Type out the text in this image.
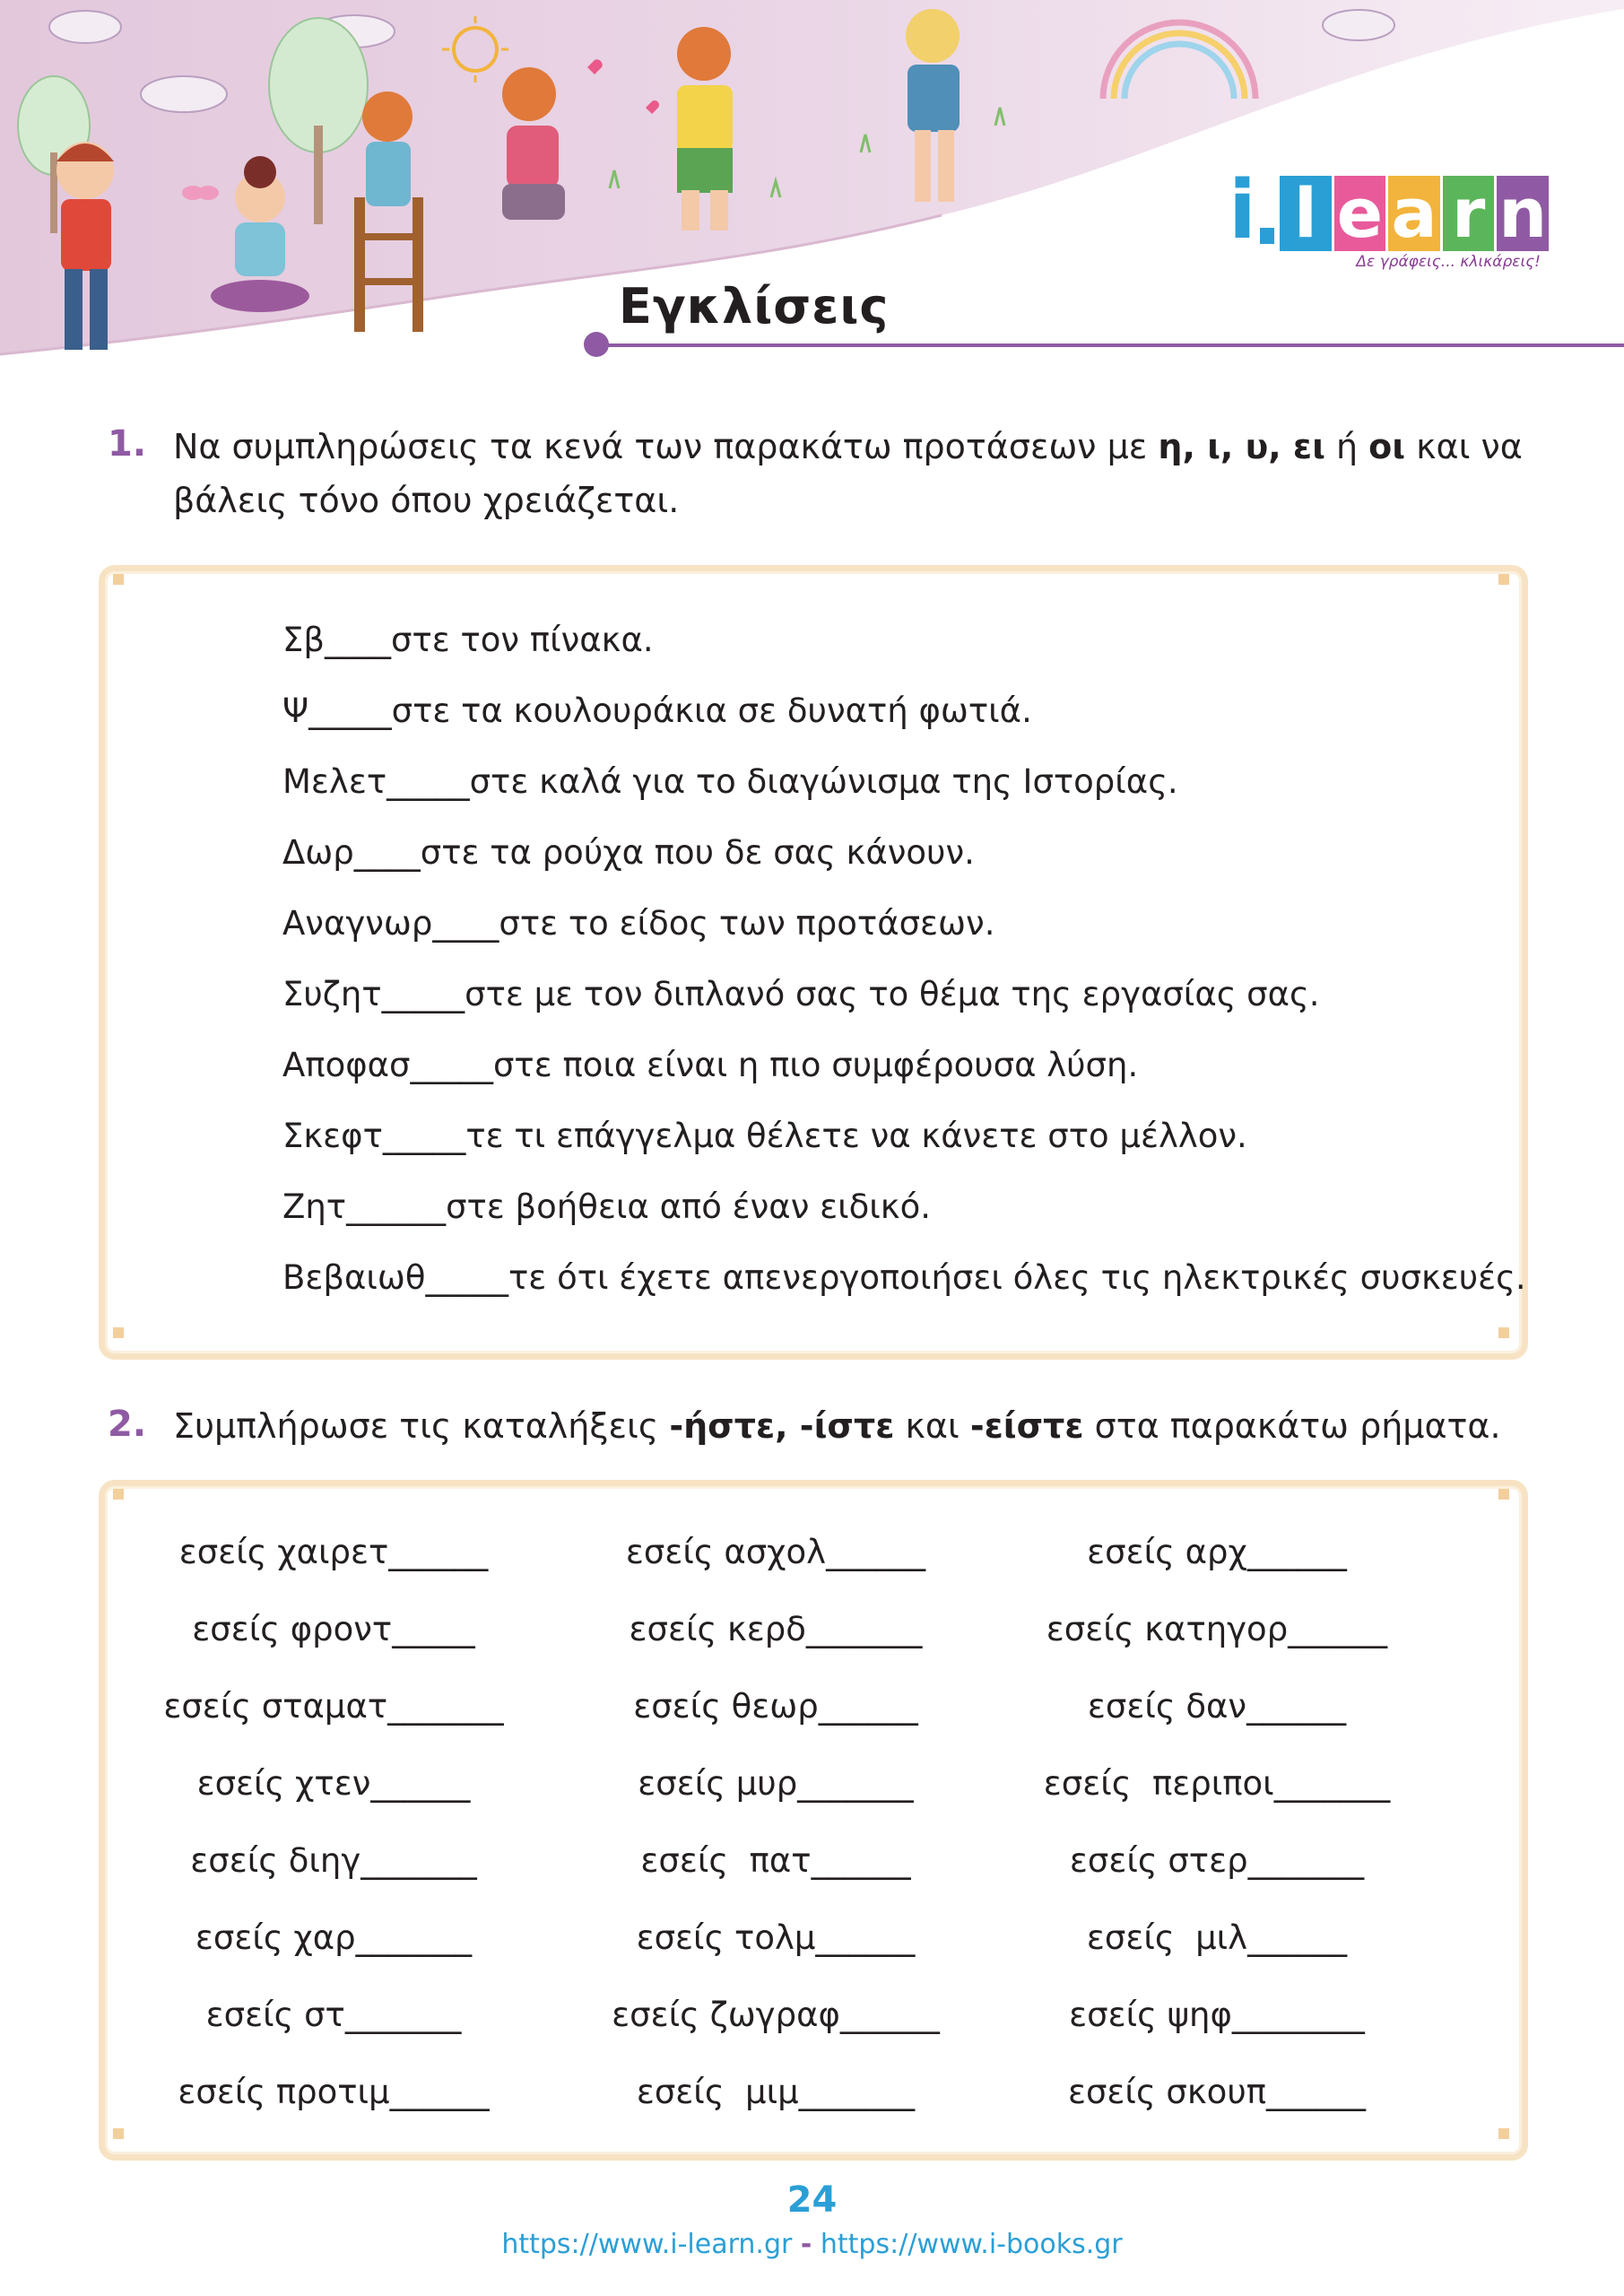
i l e a r n
Δε γράφεις... κλικάρεις!
Εγκλίσεις
1. Να συμπληρώσεις τα κενά των παρακάτω προτάσεων με η, ι, υ, ει ή οι και να
βάλεις τόνο όπου χρειάζεται.
Σβ____στε τον πίνακα.
Ψ_____στε τα κουλουράκια σε δυνατή φωτιά.
Μελετ_____στε καλά για το διαγώνισμα της Ιστορίας.
Δωρ____στε τα ρούχα που δε σας κάνουν.
Αναγνωρ____στε το είδος των προτάσεων.
Συζητ_____στε με τον διπλανό σας το θέμα της εργασίας σας.
Αποφασ_____στε ποια είναι η πιο συμφέρουσα λύση.
Σκεφτ_____τε τι επάγγελμα θέλετε να κάνετε στο μέλλον.
Ζητ______στε βοήθεια από έναν ειδικό.
Βεβαιωθ_____τε ότι έχετε απενεργοποιήσει όλες τις ηλεκτρικές συσκευές.
2. Συμπλήρωσε τις καταλήξεις -ήστε, -ίστε και -είστε στα παρακάτω ρήματα.
εσείς χαιρετ______
εσείς φροντ_____
εσείς σταματ_______
εσείς χτεν______
εσείς διηγ_______
εσείς χαρ_______
εσείς στ_______
εσείς προτιμ______
εσείς ασχολ______
εσείς κερδ_______
εσείς θεωρ______
εσείς μυρ_______
εσείς  πατ______
εσείς τολμ______
εσείς ζωγραφ______
εσείς  μιμ_______
εσείς αρχ______
εσείς κατηγορ______
εσείς δαν______
εσείς  περιποι_______
εσείς στερ_______
εσείς  μιλ______
εσείς ψηφ________
εσείς σκουπ______
24
https://www.i-learn.gr - https://www.i-books.gr
